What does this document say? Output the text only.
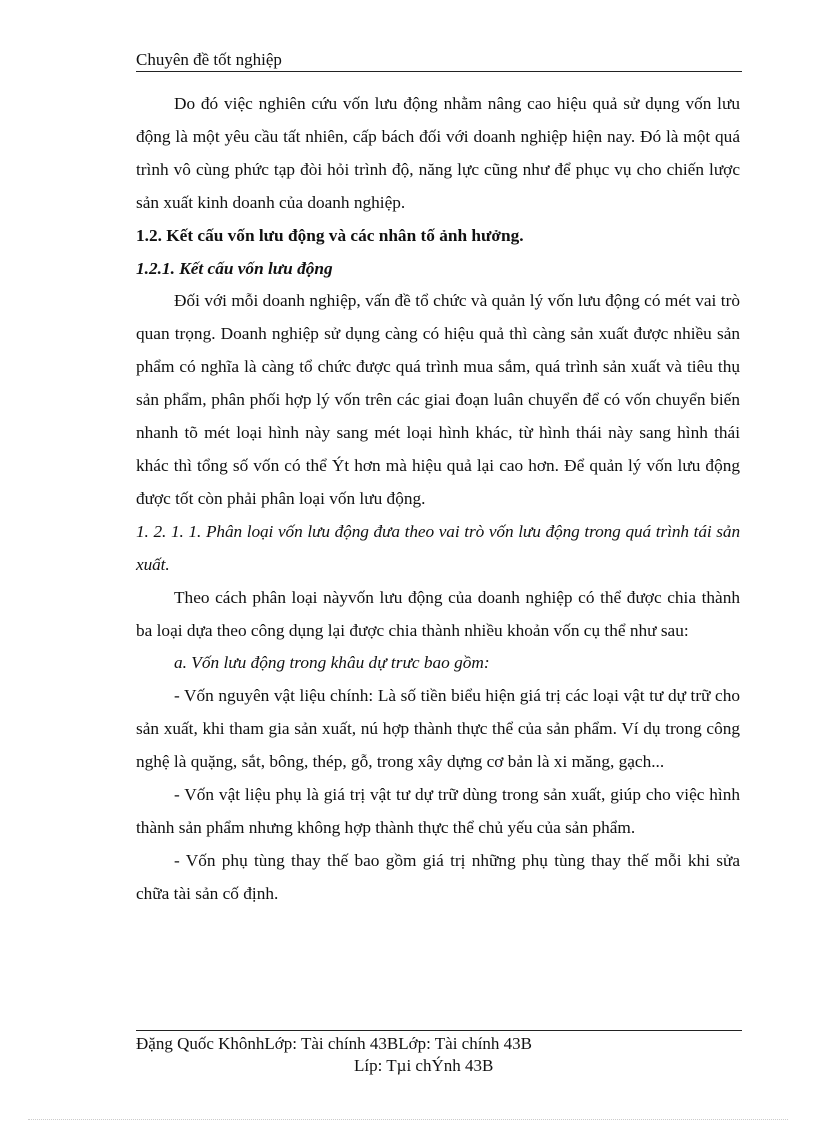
Chuyên đề tốt nghiệp

Do đó việc nghiên cứu vốn lưu động nhằm nâng cao hiệu quả sử dụng vốn lưu động là một yêu cầu tất nhiên, cấp bách đối với doanh nghiệp hiện nay. Đó là một quá trình vô cùng phức tạp đòi hỏi trình độ, năng lực cũng như để phục vụ cho chiến lược sản xuất kinh doanh của doanh nghiệp.

1.2. Kết cấu vốn lưu động và các nhân tố ảnh hưởng.

1.2.1. Kết cấu vốn lưu động

Đối với mỗi doanh nghiệp, vấn đề tổ chức và quản lý vốn lưu động có mét vai trò quan trọng. Doanh nghiệp sử dụng càng có hiệu quả thì càng sản xuất được nhiều sản phẩm có nghĩa là càng tổ chức được quá trình mua sắm, quá trình sản xuất và tiêu thụ sản phẩm, phân phối hợp lý vốn trên các giai đoạn luân chuyển để có vốn chuyển biến nhanh tõ mét loại hình này sang mét loại hình khác, từ hình thái này sang hình thái khác thì tổng số vốn có thể Ýt hơn mà hiệu quả lại cao hơn. Để quản lý vốn lưu động được tốt còn phải phân loại vốn lưu động.

1. 2. 1. 1. Phân loại vốn lưu động đưa theo vai trò vốn lưu động trong quá trình tái sản xuất.

Theo cách phân loại nàyvốn lưu động của doanh nghiệp có thể được chia thành ba loại dựa theo công dụng lại được chia thành nhiều khoản vốn cụ thể như sau:

a. Vốn lưu động trong khâu dự trưc bao gồm:

- Vốn nguyên vật liệu chính: Là số tiền biểu hiện giá trị các loại vật tư dự trữ cho sản xuất, khi tham gia sản xuất, nú hợp thành thực thể của sản phẩm. Ví dụ trong công nghệ là quặng, sắt, bông, thép, gỗ, trong xây dựng cơ bản là xi măng, gạch...

- Vốn vật liệu phụ là giá trị vật tư dự trữ dùng trong sản xuất, giúp cho việc hình thành sản phẩm nhưng không hợp thành thực thể chủ yếu của sản phẩm.

- Vốn phụ tùng thay thế bao gồm giá trị những phụ tùng thay thế mỗi khi sửa chữa tài sản cố định.

Đặng Quốc KhônhLớp: Tài chính 43BLớp: Tài chính 43B
Líp: Tµi chÝnh 43B
